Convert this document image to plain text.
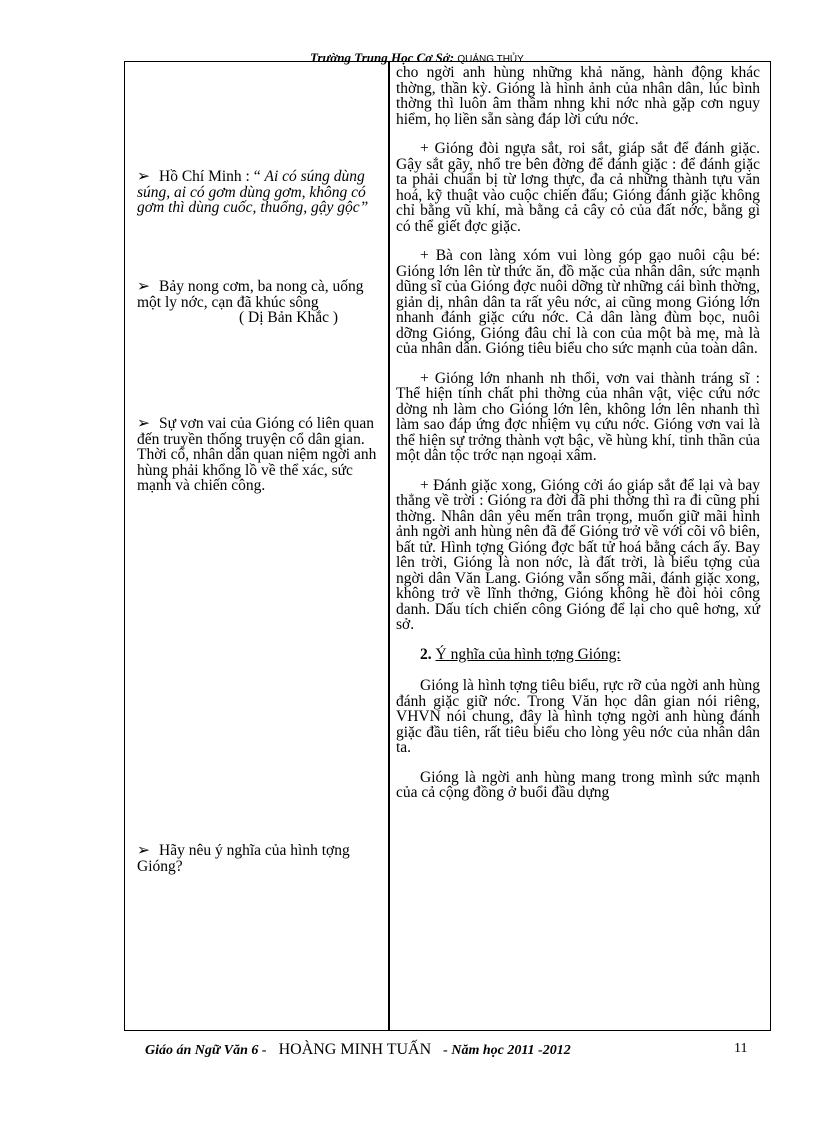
Trường Trung Học Cơ Sở: QUẢNG THỦY
➢ Hồ Chí Minh : “ Ai có súng dùng súng, ai có gơm dùng gơm, không có gơm thì dùng cuốc, thuổng, gậy gộc”
➢ Bảy nong cơm, ba nong cà, uống một ly nớc, cạn đã khúc sông
( Dị Bản Khắc )
➢ Sự vơn vai của Gióng có liên quan đến truyền thống truyện cổ dân gian. Thời cổ, nhân dân quan niệm ngời anh hùng phải khổng lồ về thể xác, sức mạnh và chiến công.
➢ Hãy nêu ý nghĩa của hình tợng Gióng?

cho ngời anh hùng những khả năng, hành động khác thờng, thần kỳ. Gióng là hình ảnh của nhân dân, lúc bình thờng thì luôn âm thầm nhng khi nớc nhà gặp cơn nguy hiểm, họ liền sẵn sàng đáp lời cứu nớc.

+ Gióng đòi ngựa sắt, roi sắt, giáp sắt để đánh giặc. Gậy sắt gãy, nhổ tre bên đờng để đánh giặc : để đánh giặc ta phải chuẩn bị từ lơng thực, đa cả những thành tựu văn hoá, kỹ thuật vào cuộc chiến đấu; Gióng đánh giặc không chỉ bằng vũ khí, mà bằng cả cây cỏ của đất nớc, bằng gì có thể giết đợc giặc.

+ Bà con làng xóm vui lòng góp gạo nuôi cậu bé: Gióng lớn lên từ thức ăn, đồ mặc của nhân dân, sức mạnh dũng sĩ của Gióng đợc nuôi dỡng từ những cái bình thờng, giản dị, nhân dân ta rất yêu nớc, ai cũng mong Gióng lớn nhanh đánh giặc cứu nớc. Cả dân làng đùm bọc, nuôi dỡng Gióng, Gióng đâu chỉ là con của một bà mẹ, mà là của nhân dân. Gióng tiêu biểu cho sức mạnh của toàn dân.

+ Gióng lớn nhanh nh thổi, vơn vai thành tráng sĩ : Thể hiện tính chất phi thờng của nhân vật, việc cứu nớc dờng nh làm cho Gióng lớn lên, không lớn lên nhanh thì làm sao đáp ứng đợc nhiệm vụ cứu nớc. Gióng vơn vai là thể hiện sự trởng thành vợt bậc, về hùng khí, tinh thần của một dân tộc trớc nạn ngoại xâm.

+ Đánh giặc xong, Gióng cởi áo giáp sắt để lại và bay thẳng về trời : Gióng ra đời đã phi thờng thì ra đi cũng phi thờng. Nhân dân yêu mến trân trọng, muốn giữ mãi hình ảnh ngời anh hùng nên đã để Gióng trở về với cõi vô biên, bất tử. Hình tợng Gióng đợc bất tử hoá bằng cách ấy. Bay lên trời, Gióng là non nớc, là đất trời, là biểu tợng của ngời dân Văn Lang. Gióng vẫn sống mãi, đánh giặc xong, không trở về lĩnh thởng, Gióng không hề đòi hỏi công danh. Dấu tích chiến công Gióng để lại cho quê hơng, xứ sở.

2. Ý nghĩa của hình tợng Gióng:

Gióng là hình tợng tiêu biểu, rực rỡ của ngời anh hùng đánh giặc giữ nớc. Trong Văn học dân gian nói riêng, VHVN nói chung, đây là hình tợng ngời anh hùng đánh giặc đầu tiên, rất tiêu biểu cho lòng yêu nớc của nhân dân ta.

Gióng là ngời anh hùng mang trong mình sức mạnh của cả cộng đồng ở buổi đầu dựng

Giáo án Ngữ Văn 6 - HOÀNG MINH TUẤN - Năm học 2011 -2012	11
